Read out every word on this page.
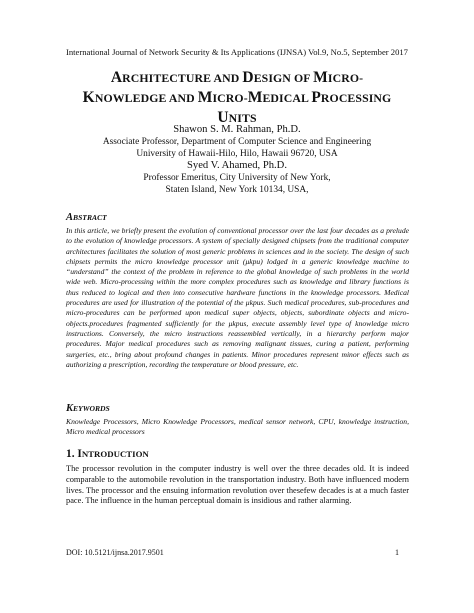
International Journal of Network Security & Its Applications (IJNSA) Vol.9, No.5, September 2017
ARCHITECTURE AND DESIGN OF MICRO-
KNOWLEDGE AND MICRO-MEDICAL PROCESSING
UNITS
Shawon S. M. Rahman, Ph.D.
Associate Professor, Department of Computer Science and Engineering
University of Hawaii-Hilo, Hilo, Hawaii 96720, USA
Syed V. Ahamed, Ph.D.
Professor Emeritus, City University of New York,
Staten Island, New York 10134, USA,
ABSTRACT
In this article, we briefly present the evolution of conventional processor over the last four decades as a prelude to the evolution of knowledge processors. A system of specially designed chipsets from the traditional computer architectures facilitates the solution of most generic problems in sciences and in the society. The design of such chipsets permits the micro knowledge processor unit (μkpu) lodged in a generic knowledge machine to “understand” the context of the problem in reference to the global knowledge of such problems in the world wide web. Micro-processing within the more complex procedures such as knowledge and library functions is thus reduced to logical and then into consecutive hardware functions in the knowledge processors. Medical procedures are used for illustration of the potential of the μkpus. Such medical procedures, sub-procedures and micro-procedures can be performed upon medical super objects, objects, subordinate objects and micro-objects.procedures fragmented sufficiently for the μkpus, execute assembly level type of knowledge micro instructions. Conversely, the micro instructions reassembled vertically, in a hierarchy perform major procedures. Major medical procedures such as removing malignant tissues, curing a patient, performing surgeries, etc., bring about profound changes in patients. Minor procedures represent minor effects such as authorizing a prescription, recording the temperature or blood pressure, etc.
KEYWORDS
Knowledge Processors, Micro Knowledge Processors, medical sensor network, CPU, knowledge instruction, Micro medical processors
1. INTRODUCTION
The processor revolution in the computer industry is well over the three decades old. It is indeed comparable to the automobile revolution in the transportation industry. Both have influenced modern lives. The processor and the ensuing information revolution over thesefew decades is at a much faster pace. The influence in the human perceptual domain is insidious and rather alarming.
DOI: 10.5121/ijnsa.2017.9501	1
